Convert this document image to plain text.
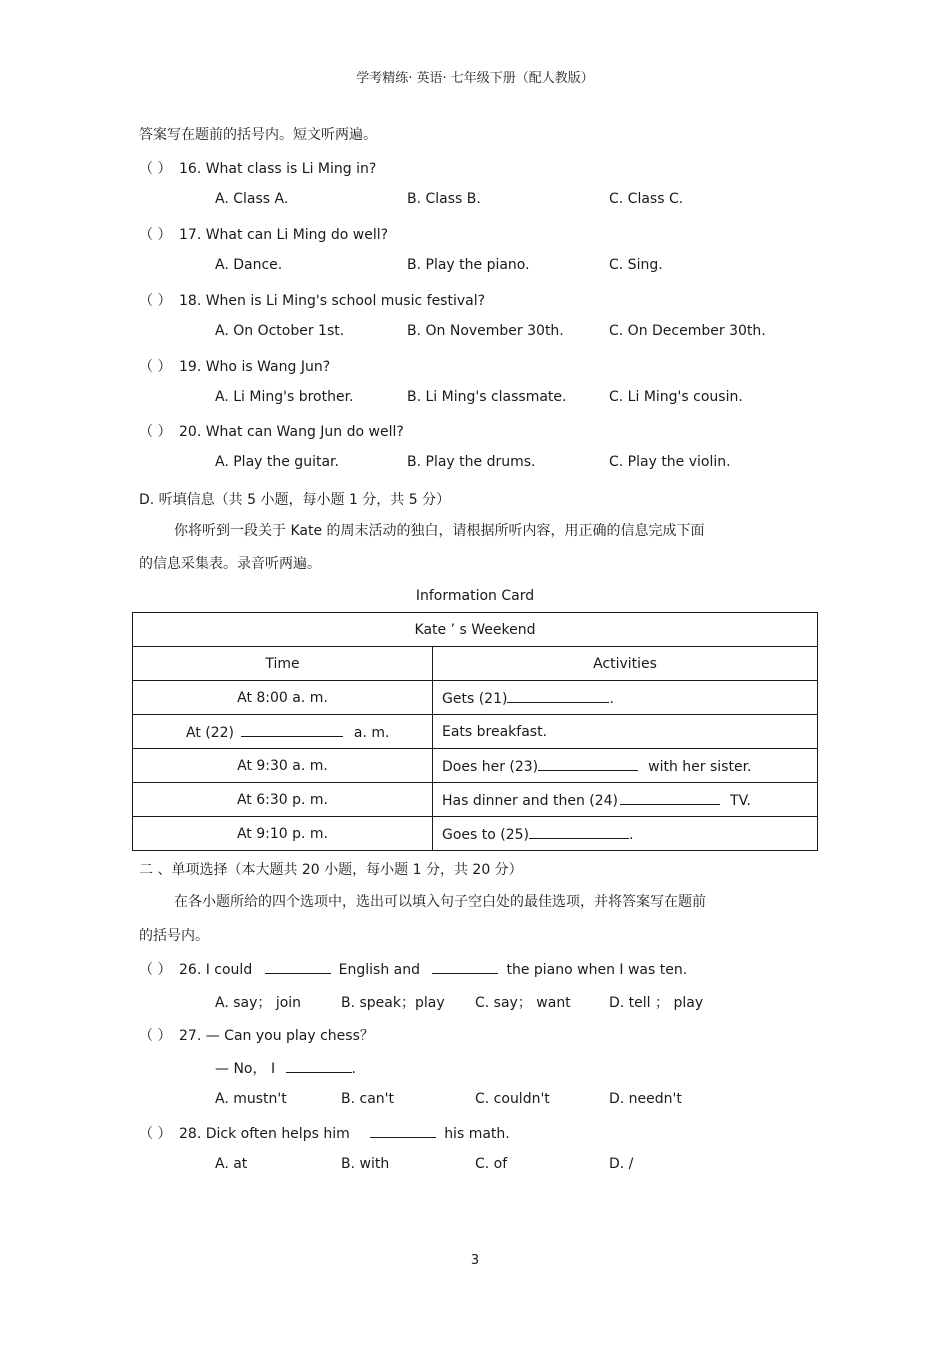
学考精练· 英语· 七年级下册（配人教版）
答案写在题前的括号内。短文听两遍。
（ ） 16. What class is Li Ming in?
A. Class A.	B. Class B.	C. Class C.
（ ） 17. What can Li Ming do well?
A. Dance.	B. Play the piano.	C. Sing.
（ ） 18. When is Li Ming's school music festival?
A. On October 1st.	B. On November 30th.	C. On December 30th.
（ ） 19. Who is Wang Jun?
A. Li Ming's brother.	B. Li Ming's classmate.	C. Li Ming's cousin.
（ ） 20. What can Wang Jun do well?
A. Play the guitar.	B. Play the drums.	C. Play the violin.
D. 听填信息（共 5 小题，每小题 1 分，共 5 分）
你将听到一段关于 Kate 的周末活动的独白，请根据所听内容，用正确的信息完成下面
的信息采集表。录音听两遍。
Information Card
Kate ’ s Weekend	
Time	Activities
At 8:00 a. m.	Gets (21) .
At (22) a. m.	Eats breakfast.
At 9:30 a. m.	Does her (23) with her sister.
At 6:30 p. m.	Has dinner and then (24) TV.
At 9:10 p. m.	Goes to (25) .
二 、单项选择（本大题共 20 小题，每小题 1 分，共 20 分）
在各小题所给的四个选项中，选出可以填入句子空白处的最佳选项，并将答案写在题前
的括号内。
（ ） 26. I could	English and	the piano when I was ten.
A. say； join	B. speak；play C. say； want	D. tell ； play
（ ） 27. — Can you play chess？
— No， I	.
A. mustn't	B. can't	C. couldn't	D. needn't
（ ） 28. Dick often helps him	his math.
A. at	B. with	C. of	D. /
3
